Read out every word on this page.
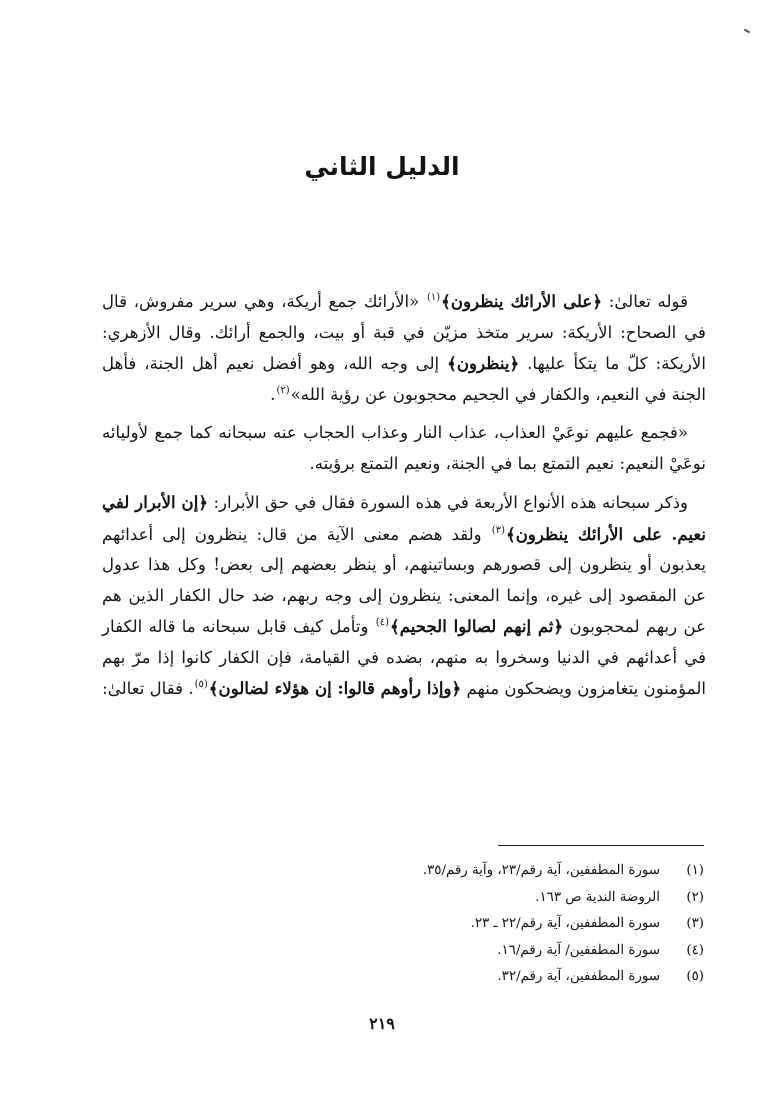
الدليل الثاني

قوله تعالىٰ: ﴿على الأرائك ينظرون﴾$^{(١)}$ «الأرائك جمع أريكة، وهي سرير مفروش، قال في الصحاح: الأريكة: سرير متخذ مزيّن في قبة أو بيت، والجمع أرائك. وقال الأزهري: الأريكة: كلّ ما يتكأ عليها. ﴿ينظرون﴾ إلى وجه الله، وهو أفضل نعيم أهل الجنة، فأهل الجنة في النعيم، والكفار في الجحيم محجوبون عن رؤية الله»$^{(٢)}$.

«فجمع عليهم نوعَيْ العذاب، عذاب النار وعذاب الحجاب عنه سبحانه كما جمع لأوليائه نوعَيْ النعيم: نعيم التمتع بما في الجنة، ونعيم التمتع برؤيته.

وذكر سبحانه هذه الأنواع الأربعة في هذه السورة فقال في حق الأبرار: ﴿إن الأبرار لفي نعيم. على الأرائك ينظرون﴾$^{(٣)}$ ولقد هضم معنى الآية من قال: ينظرون إلى أعدائهم يعذبون أو ينظرون إلى قصورهم وبساتينهم، أو ينظر بعضهم إلى بعض! وكل هذا عدول عن المقصود إلى غيره، وإنما المعنى: ينظرون إلى وجه ربهم، ضد حال الكفار الذين هم عن ربهم لمحجوبون ﴿ثم إنهم لصالوا الجحيم﴾$^{(٤)}$ وتأمل كيف قابل سبحانه ما قاله الكفار في أعدائهم في الدنيا وسخروا به منهم، بضده في القيامة، فإن الكفار كانوا إذا مرّ بهم المؤمنون يتغامزون ويضحكون منهم ﴿وإذا رأوهم قالوا: إن هؤلاء لضالون﴾$^{(٥)}$. فقال تعالىٰ:

(١)
سورة المطففين، آية رقم/٢٣، وآية رقم/٣٥.
(٢)
الروضة الندية ص ١٦٣.
(٣)
سورة المطففين، آية رقم/٢٢ ـ ٢٣.
(٤)
سورة المطففين/ آية رقم/١٦.
(٥)
سورة المطففين، آية رقم/٣٢.
٢١٩
